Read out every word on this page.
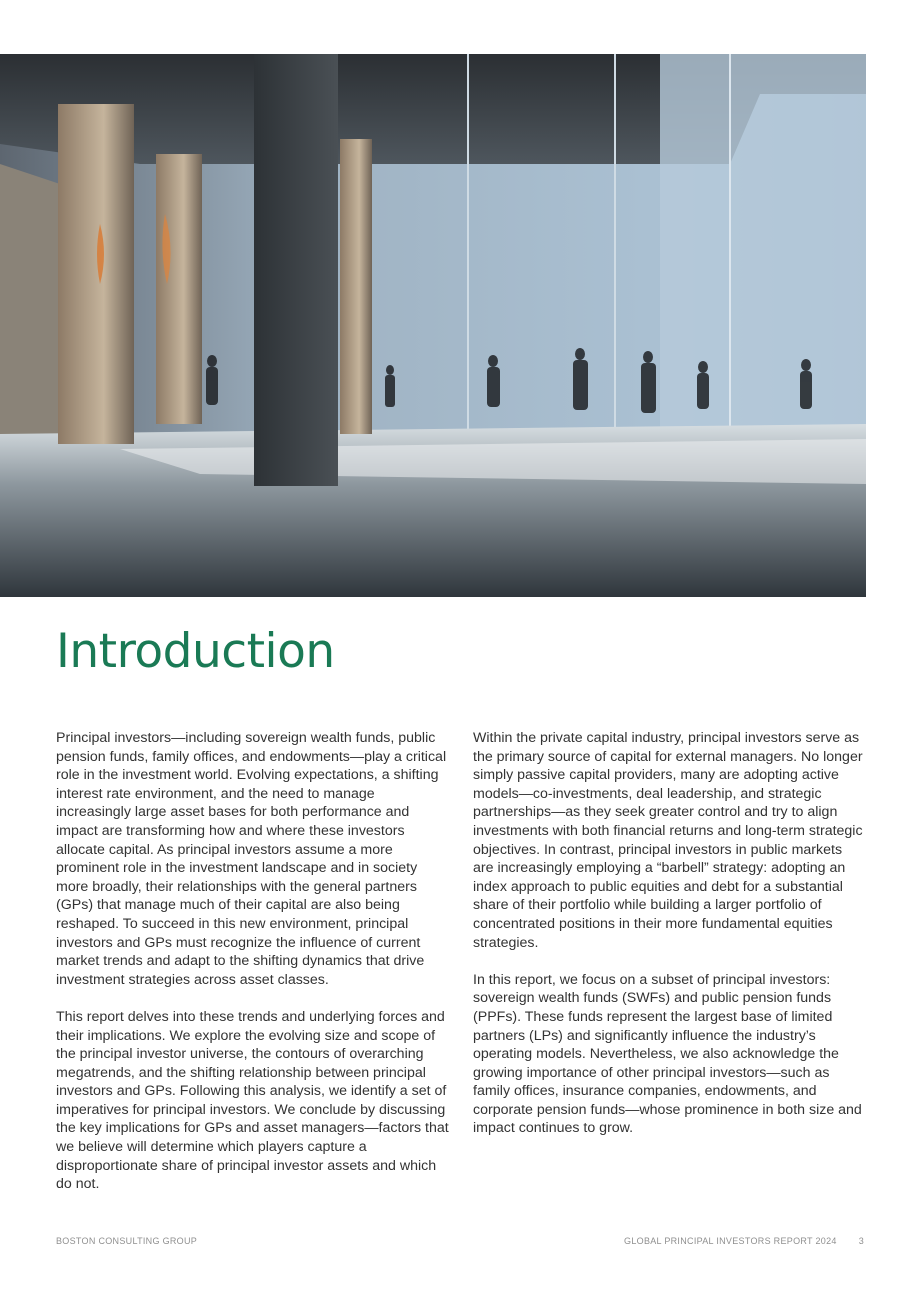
Introduction

Principal investors—including sovereign wealth funds, public pension funds, family offices, and endowments—play a critical role in the investment world. Evolving expectations, a shifting interest rate environment, and the need to manage increasingly large asset bases for both performance and impact are transforming how and where these investors allocate capital. As principal investors assume a more prominent role in the investment landscape and in society more broadly, their relationships with the general partners (GPs) that manage much of their capital are also being reshaped. To succeed in this new environment, principal investors and GPs must recognize the influence of current market trends and adapt to the shifting dynamics that drive investment strategies across asset classes.

This report delves into these trends and underlying forces and their implications. We explore the evolving size and scope of the principal investor universe, the contours of overarching megatrends, and the shifting relationship between principal investors and GPs. Following this analysis, we identify a set of imperatives for principal investors. We conclude by discussing the key implications for GPs and asset managers—factors that we believe will determine which players capture a disproportionate share of principal investor assets and which do not.

Within the private capital industry, principal investors serve as the primary source of capital for external managers. No longer simply passive capital providers, many are adopting active models—co-investments, deal leadership, and strategic partnerships—as they seek greater control and try to align investments with both financial returns and long-term strategic objectives. In contrast, principal investors in public markets are increasingly employing a “barbell” strategy: adopting an index approach to public equities and debt for a substantial share of their portfolio while building a larger portfolio of concentrated positions in their more fundamental equities strategies.

In this report, we focus on a subset of principal investors: sovereign wealth funds (SWFs) and public pension funds (PPFs). These funds represent the largest base of limited partners (LPs) and significantly influence the industry’s operating models. Nevertheless, we also acknowledge the growing importance of other principal investors—such as family offices, insurance companies, endowments, and corporate pension funds—whose prominence in both size and impact continues to grow.

BOSTON CONSULTING GROUP	GLOBAL PRINCIPAL INVESTORS REPORT 2024 3
